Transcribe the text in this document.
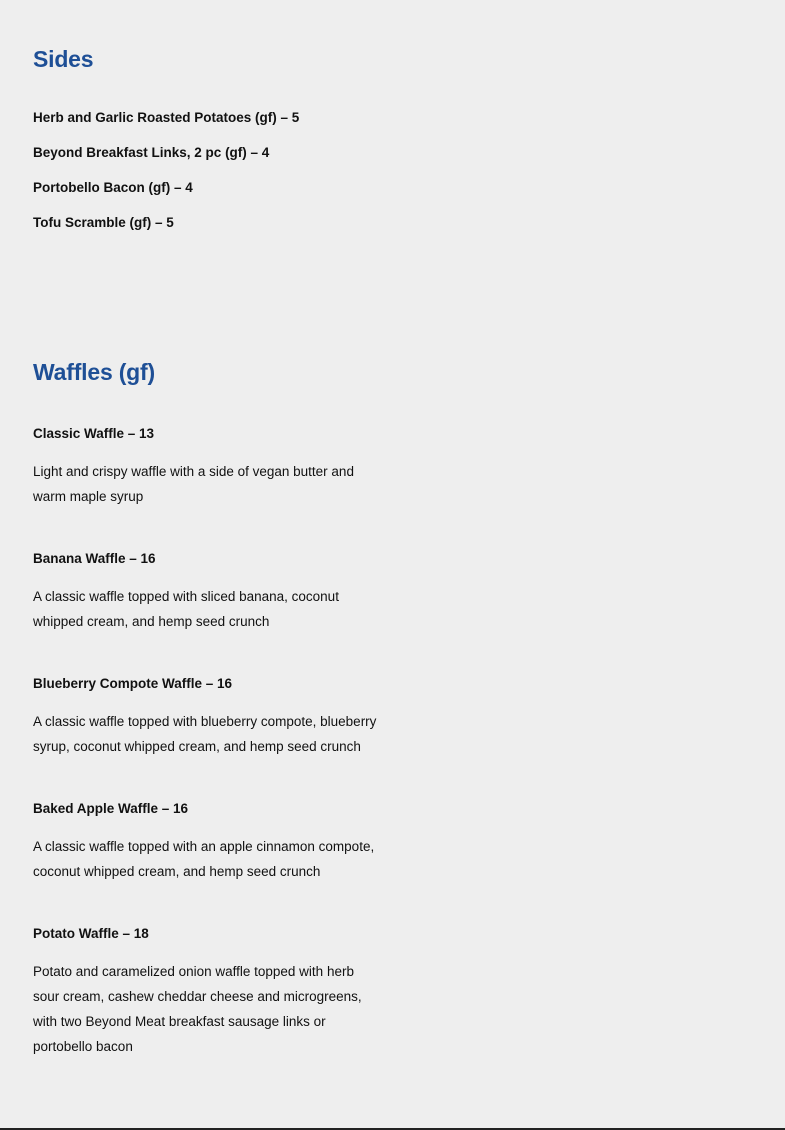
Sides
Herb and Garlic Roasted Potatoes (gf) – 5
Beyond Breakfast Links, 2 pc (gf) – 4
Portobello Bacon (gf) – 4
Tofu Scramble (gf) – 5
Waffles (gf)
Classic Waffle – 13
Light and crispy waffle with a side of vegan butter and warm maple syrup
Banana Waffle – 16
A classic waffle topped with sliced banana, coconut whipped cream, and hemp seed crunch
Blueberry Compote Waffle – 16
A classic waffle topped with blueberry compote, blueberry syrup, coconut whipped cream, and hemp seed crunch
Baked Apple Waffle – 16
A classic waffle topped with an apple cinnamon compote, coconut whipped cream, and hemp seed crunch
Potato Waffle – 18
Potato and caramelized onion waffle topped with herb sour cream, cashew cheddar cheese and microgreens, with two Beyond Meat breakfast sausage links or portobello bacon
